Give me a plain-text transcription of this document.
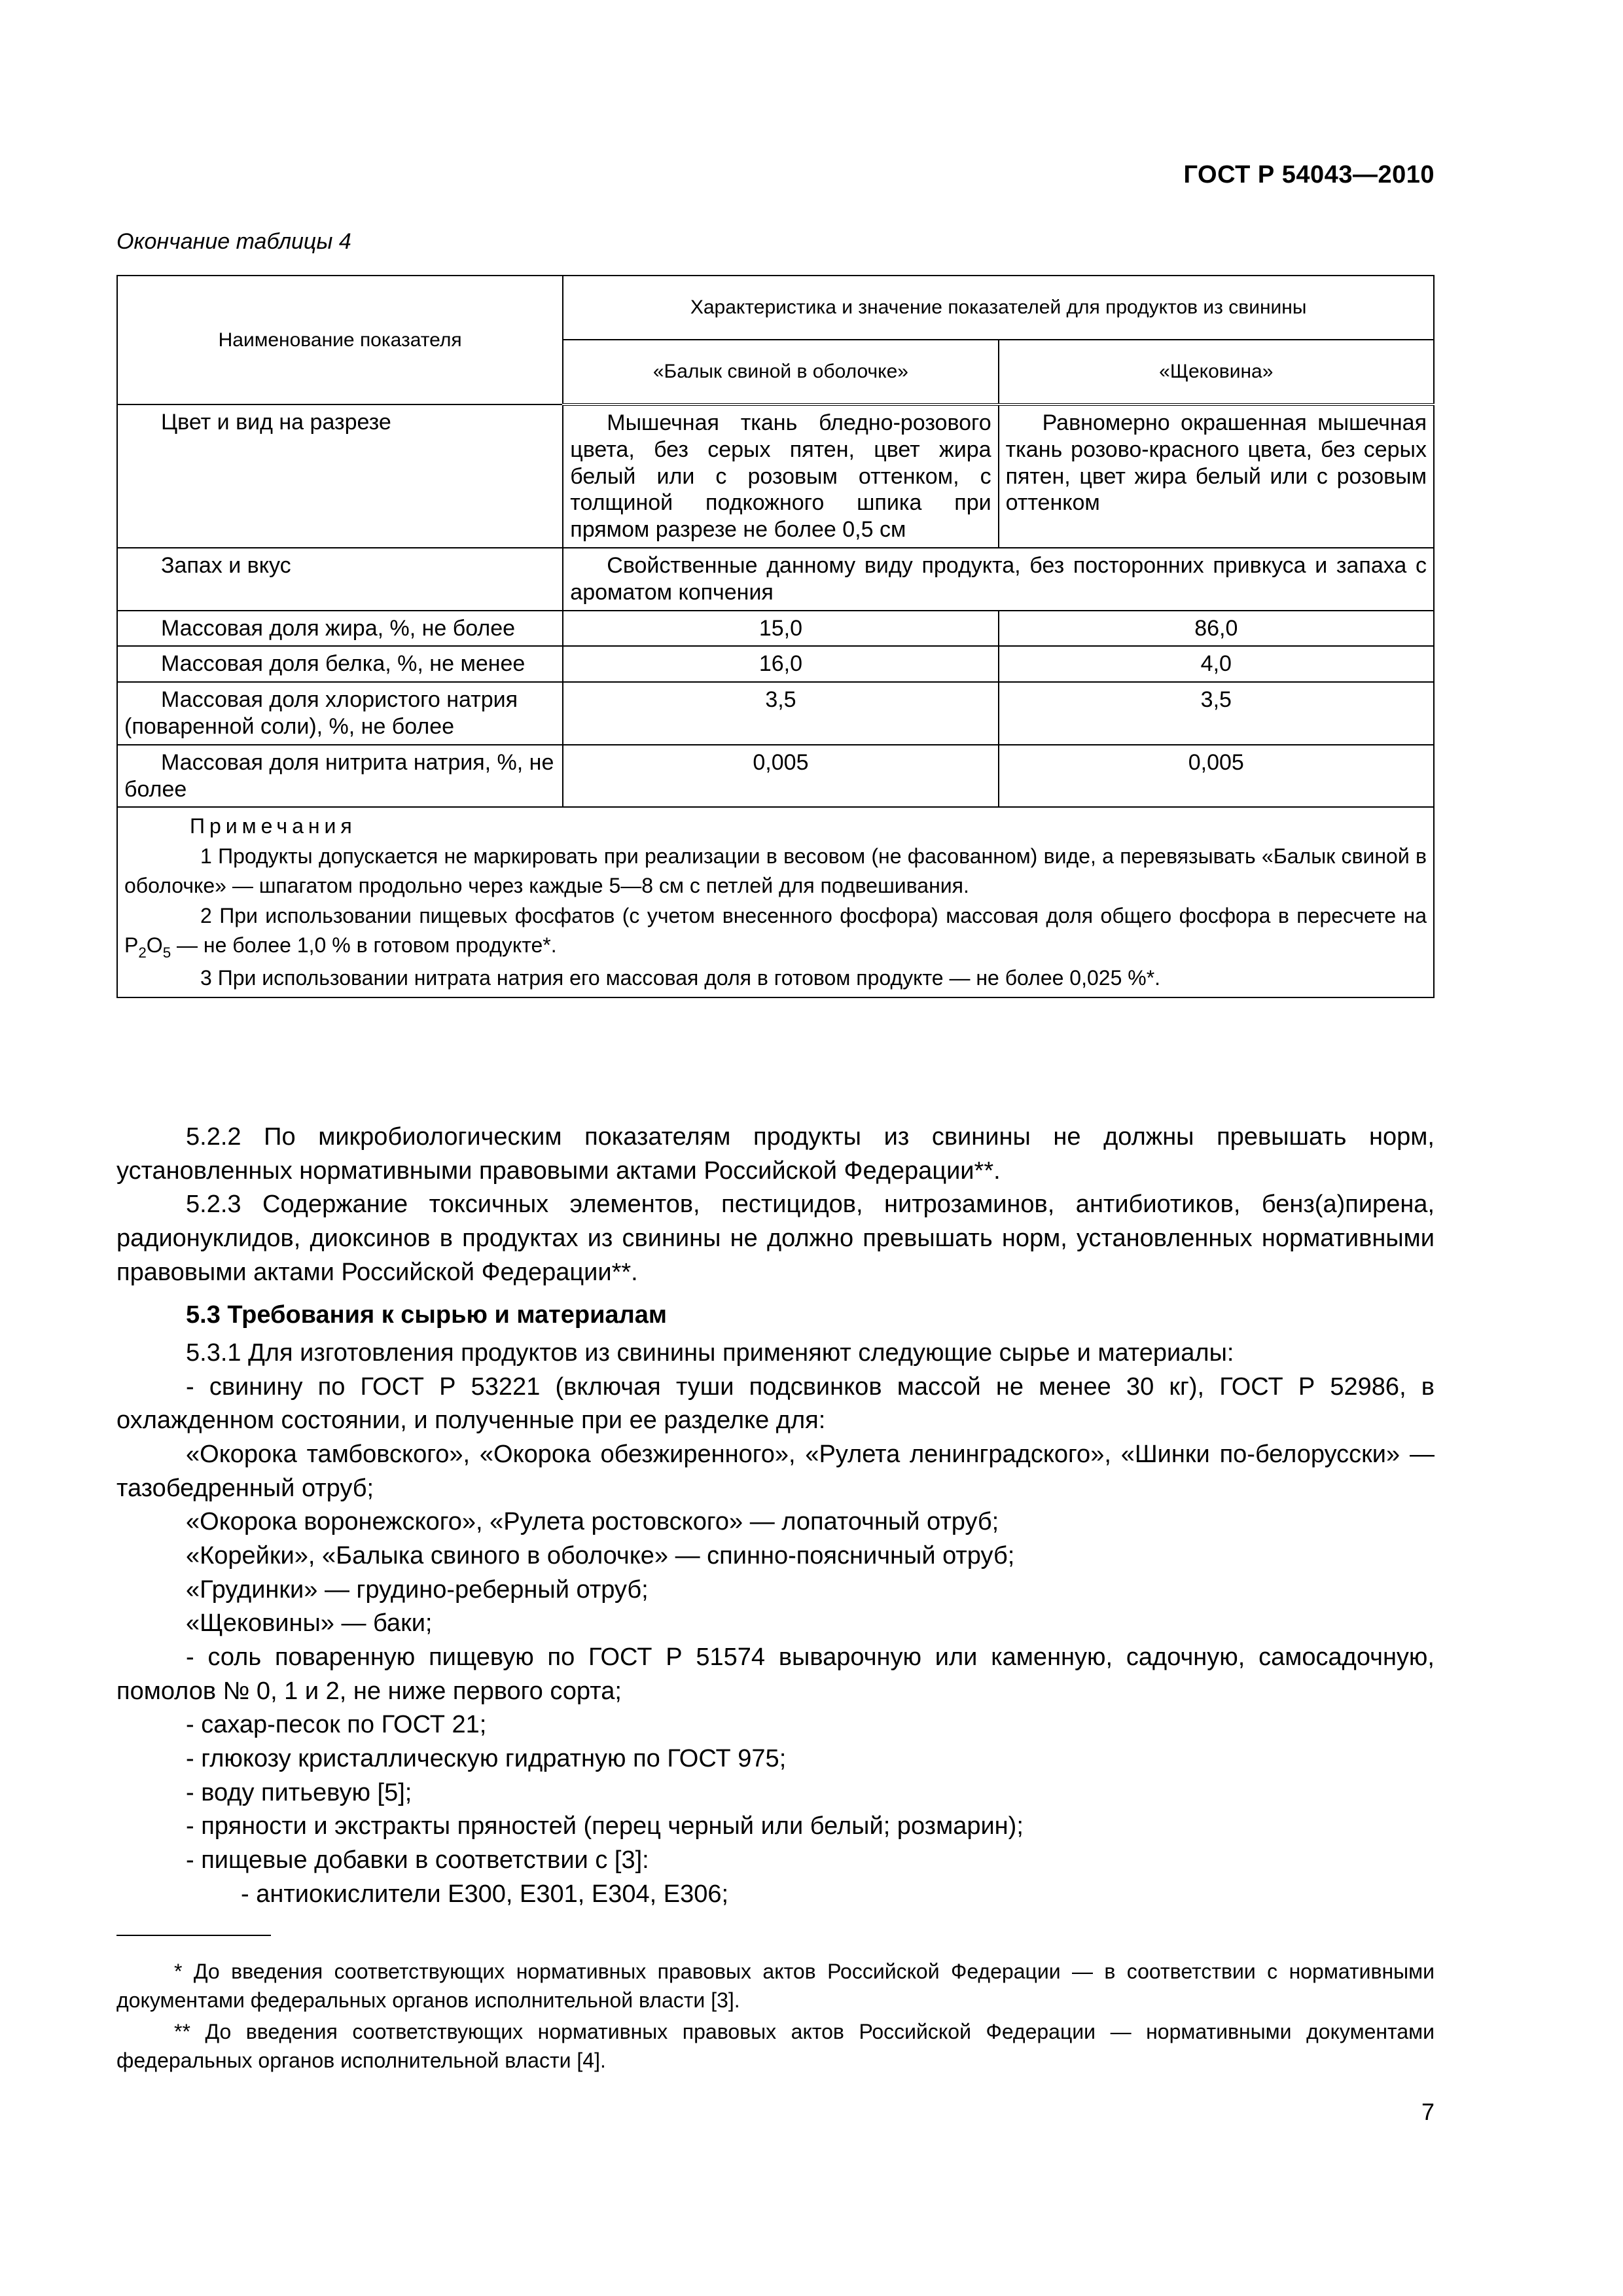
ГОСТ Р 54043—2010
Окончание таблицы 4
Наименование показателя	Характеристика и значение показателей для продуктов из свинины	
	«Балык свиной в оболочке»	«Щековина»
Цвет и вид на разрезе	Мышечная ткань бледно-розового цвета, без серых пятен, цвет жира белый или с розовым оттенком, с толщиной подкожного шпика при прямом разрезе не более 0,5 см	Равномерно окрашенная мышечная ткань розово-красного цвета, без серых пятен, цвет жира белый или с розовым оттенком
Запах и вкус	Свойственные данному виду продукта, без посторонних привкуса и запаха с ароматом копчения	
Массовая доля жира, %, не более	15,0	86,0
Массовая доля белка, %, не менее	16,0	4,0
Массовая доля хлористого натрия (поваренной соли), %, не более	3,5	3,5
Массовая доля нитрита натрия, %, не более	0,005	0,005

Примечания
1 Продукты допускается не маркировать при реализации в весовом (не фасованном) виде, а перевязывать «Балык свиной в оболочке» — шпагатом продольно через каждые 5—8 см с петлей для подвешивания.
2 При использовании пищевых фосфатов (с учетом внесенного фосфора) массовая доля общего фосфора в пересчете на $P_2O_5$ — не более 1,0 % в готовом продукте*.
3 При использовании нитрата натрия его массовая доля в готовом продукте — не более 0,025 %*.		

5.2.2 По микробиологическим показателям продукты из свинины не должны превышать норм, установленных нормативными правовыми актами Российской Федерации**.

5.2.3 Содержание токсичных элементов, пестицидов, нитрозаминов, антибиотиков, бенз(а)пирена, радионуклидов, диоксинов в продуктах из свинины не должно превышать норм, установленных нормативными правовыми актами Российской Федерации**.

5.3 Требования к сырью и материалам

5.3.1 Для изготовления продуктов из свинины применяют следующие сырье и материалы:

- свинину по ГОСТ Р 53221 (включая туши подсвинков массой не менее 30 кг), ГОСТ Р 52986, в охлажденном состоянии, и полученные при ее разделке для:
«Окорока тамбовского», «Окорока обезжиренного», «Рулета ленинградского», «Шинки по-белорусски» — тазобедренный отруб;
«Окорока воронежского», «Рулета ростовского» — лопаточный отруб;
«Корейки», «Балыка свиного в оболочке» — спинно-поясничный отруб;
«Грудинки» — грудино-реберный отруб;
«Щековины» — баки;
- соль поваренную пищевую по ГОСТ Р 51574 выварочную или каменную, садочную, самосадочную, помолов № 0, 1 и 2, не ниже первого сорта;
- сахар-песок по ГОСТ 21;
- глюкозу кристаллическую гидратную по ГОСТ 975;
- воду питьевую [5];
- пряности и экстракты пряностей (перец черный или белый; розмарин);
- пищевые добавки в соответствии с [3]:
- антиокислители Е300, Е301, Е304, Е306;

* До введения соответствующих нормативных правовых актов Российской Федерации — в соответствии с нормативными документами федеральных органов исполнительной власти [3].

** До введения соответствующих нормативных правовых актов Российской Федерации — нормативными документами федеральных органов исполнительной власти [4].

7
